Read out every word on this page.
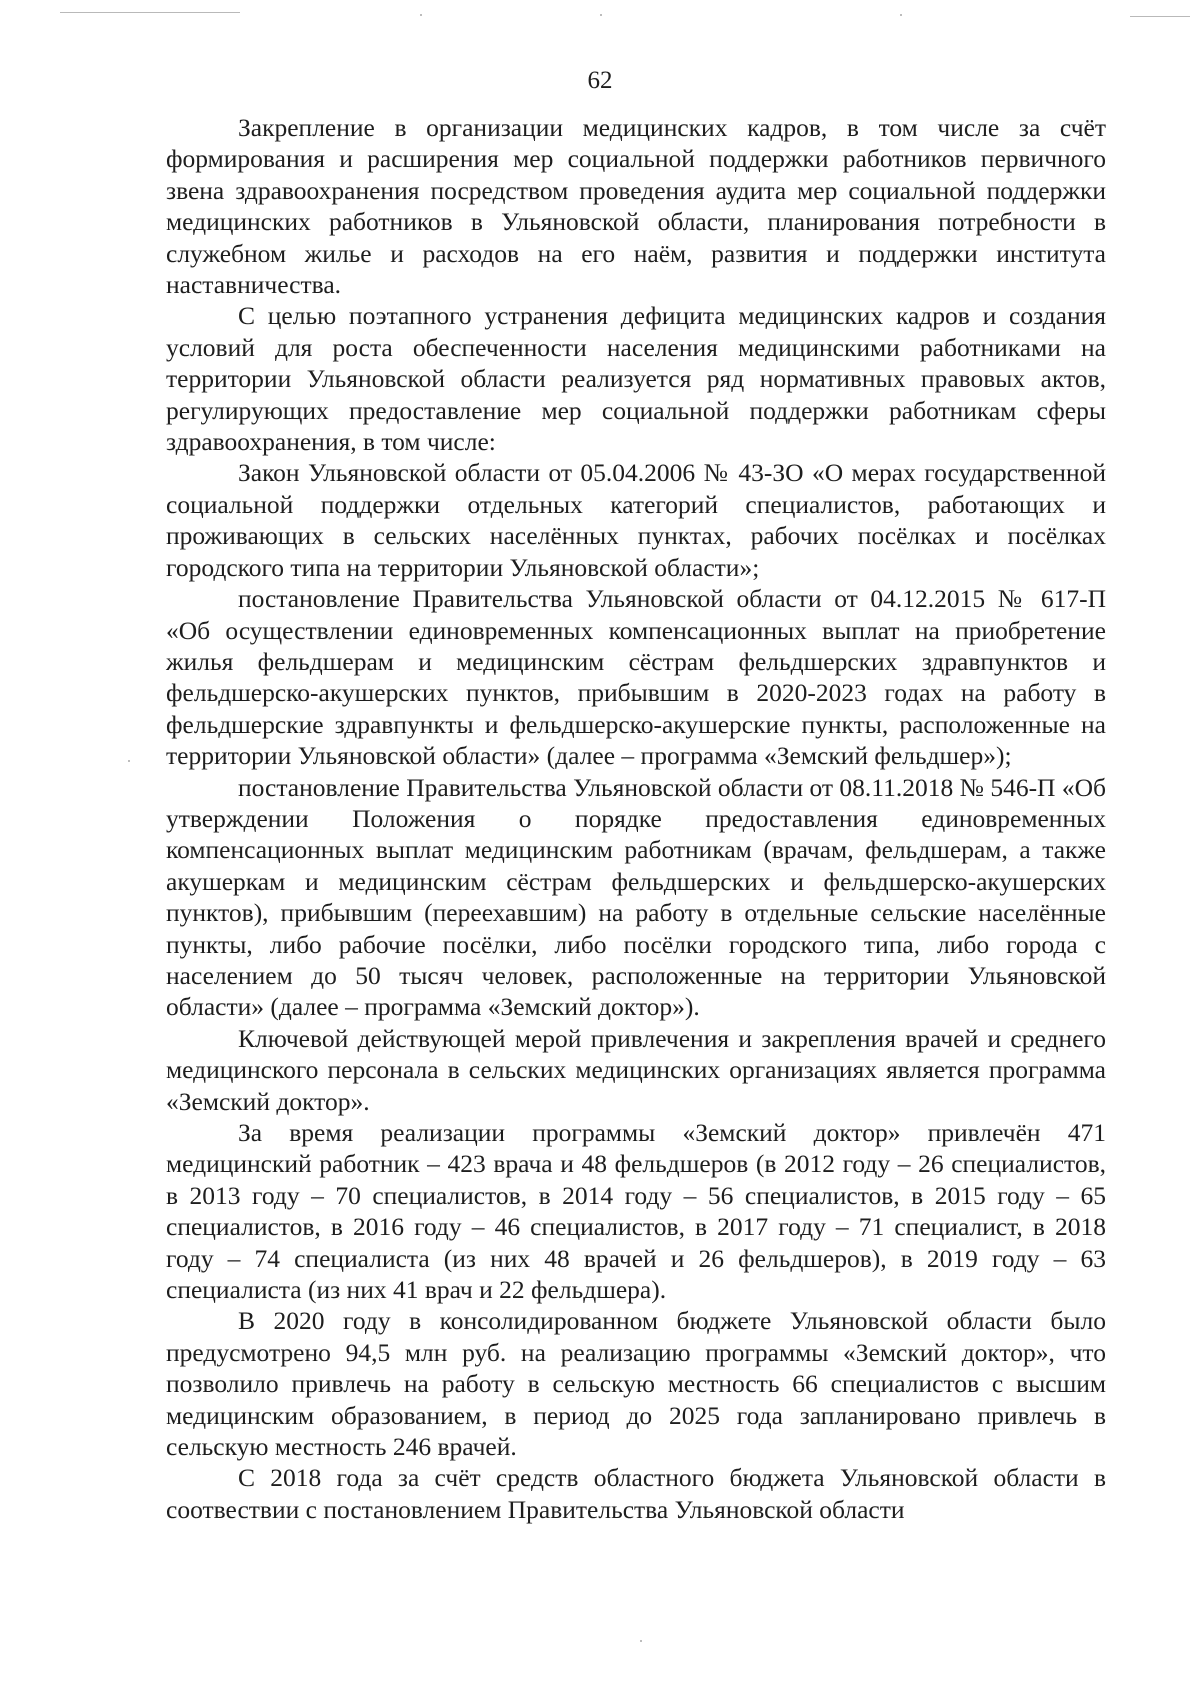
62

Закрепление в организации медицинских кадров, в том числе за счёт формирования и расширения мер социальной поддержки работников первичного звена здравоохранения посредством проведения аудита мер социальной поддержки медицинских работников в Ульяновской области, планирования потребности в служебном жилье и расходов на его наём, развития и поддержки института наставничества.

С целью поэтапного устранения дефицита медицинских кадров и создания условий для роста обеспеченности населения медицинскими работниками на территории Ульяновской области реализуется ряд нормативных правовых актов, регулирующих предоставление мер социальной поддержки работникам сферы здравоохранения, в том числе:

Закон Ульяновской области от 05.04.2006 № 43-ЗО «О мерах государственной социальной поддержки отдельных категорий специалистов, работающих и проживающих в сельских населённых пунктах, рабочих посёлках и посёлках городского типа на территории Ульяновской области»;

постановление Правительства Ульяновской области от 04.12.2015 № 617-П «Об осуществлении единовременных компенсационных выплат на приобретение жилья фельдшерам и медицинским сёстрам фельдшерских здравпунктов и фельдшерско-акушерских пунктов, прибывшим в 2020-2023 годах на работу в фельдшерские здравпункты и фельдшерско-акушерские пункты, расположенные на территории Ульяновской области» (далее – программа «Земский фельдшер»);

постановление Правительства Ульяновской области от 08.11.2018 № 546-П «Об утверждении Положения о порядке предоставления единовременных компенсационных выплат медицинским работникам (врачам, фельдшерам, а также акушеркам и медицинским сёстрам фельдшерских и фельдшерско-акушерских пунктов), прибывшим (переехавшим) на работу в отдельные сельские населённые пункты, либо рабочие посёлки, либо посёлки городского типа, либо города с населением до 50 тысяч человек, расположенные на территории Ульяновской области» (далее – программа «Земский доктор»).

Ключевой действующей мерой привлечения и закрепления врачей и среднего медицинского персонала в сельских медицинских организациях является программа «Земский доктор».

За время реализации программы «Земский доктор» привлечён 471 медицинский работник – 423 врача и 48 фельдшеров (в 2012 году – 26 специалистов, в 2013 году – 70 специалистов, в 2014 году – 56 специалистов, в 2015 году – 65 специалистов, в 2016 году – 46 специалистов, в 2017 году – 71 специалист, в 2018 году – 74 специалиста (из них 48 врачей и 26 фельдшеров), в 2019 году – 63 специалиста (из них 41 врач и 22 фельдшера).

В 2020 году в консолидированном бюджете Ульяновской области было предусмотрено 94,5 млн руб. на реализацию программы «Земский доктор», что позволило привлечь на работу в сельскую местность 66 специалистов с высшим медицинским образованием, в период до 2025 года запланировано привлечь в сельскую местность 246 врачей.

С 2018 года за счёт средств областного бюджета Ульяновской области в соотвествии с постановлением Правительства Ульяновской области
